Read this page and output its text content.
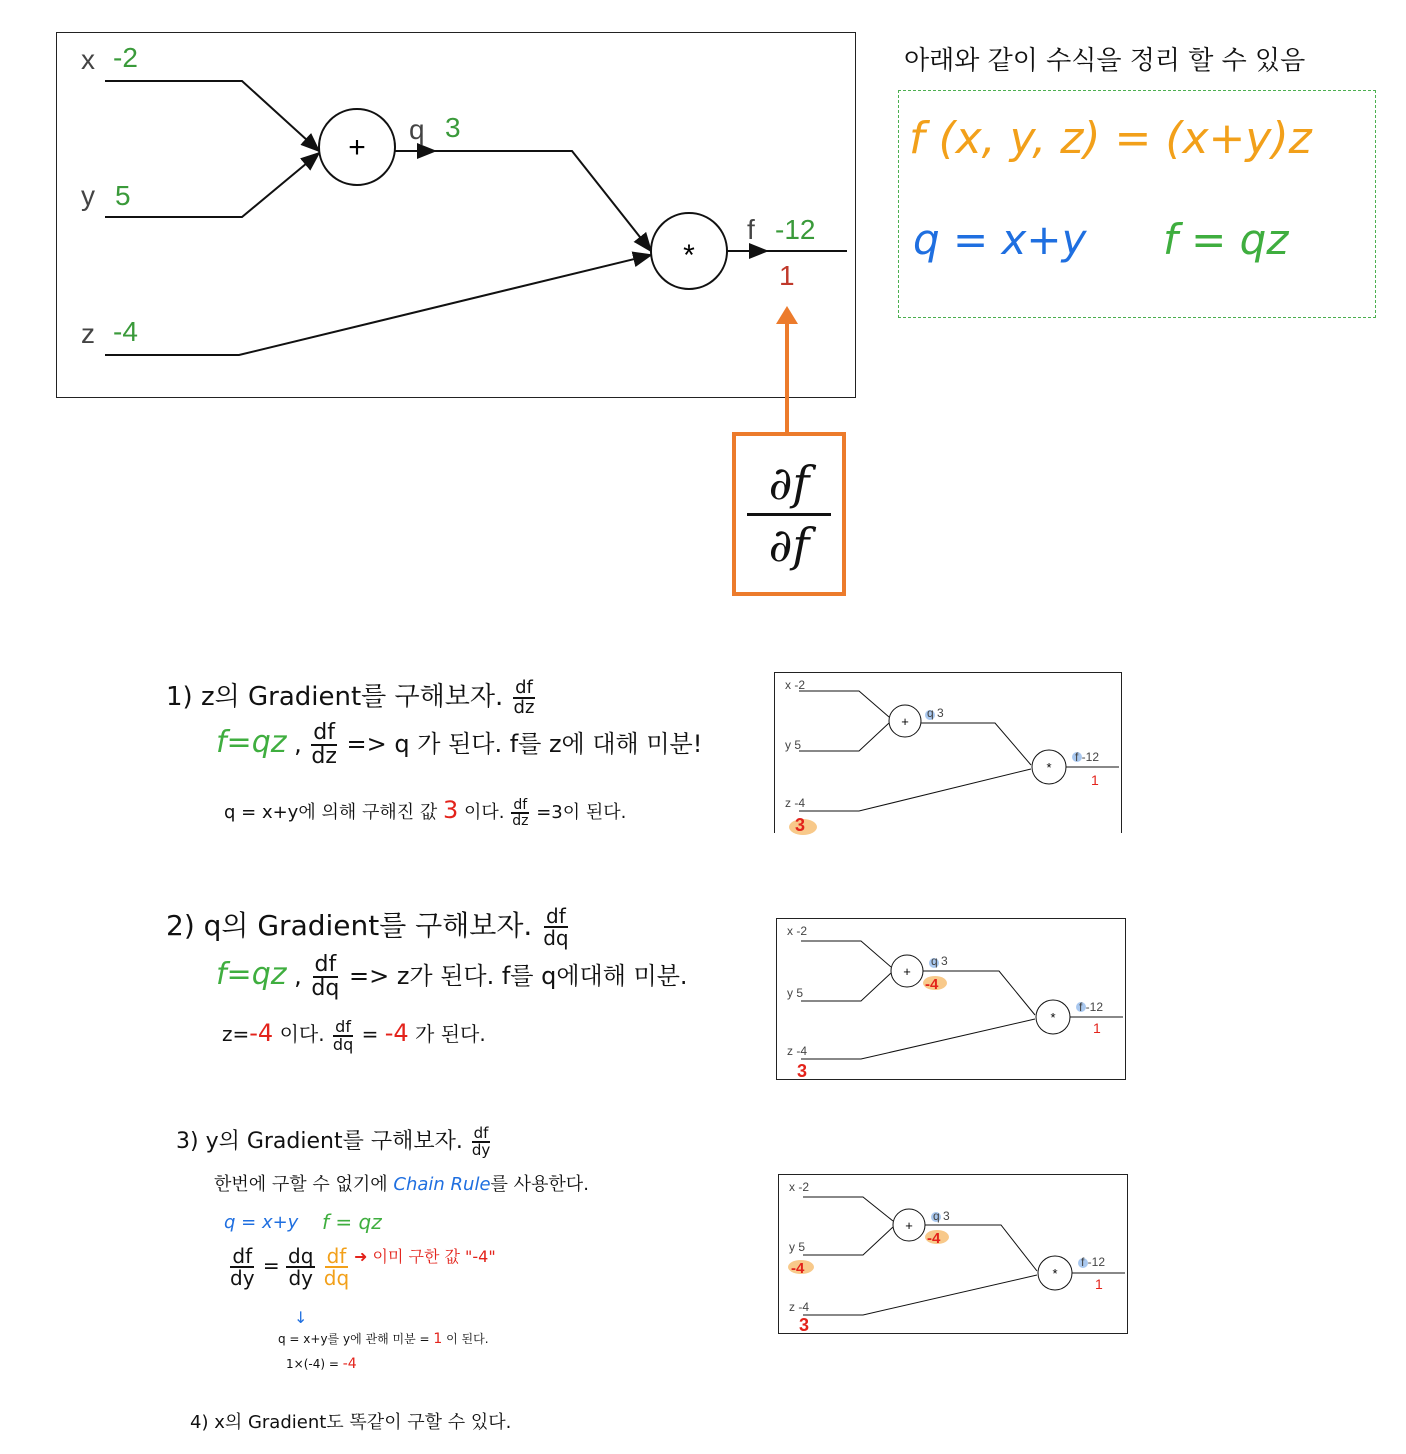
+
*
x -2
y 5
z -4
q 3
f -12
1
∂f
∂f
아래와 같이 수식을 정리 할 수 있음
f (x, y, z) = (x+y)z
q = x+y f = qz
1) z의 Gradient를 구해보자. $\frac{df}{dz}$
f=qz , $\frac{df}{dz} => q$ 가 된다. f를 z에 대해 미분!
q = x+y에 의해 구해진 값 3 이다. $\frac{df}{dz} =3$이 된다.
2) q의 Gradient를 구해보자. $\frac{df}{dq}$
f=qz , $\frac{df}{dq} => z$가 된다. f를 q에대해 미분.
z=-4 이다. $\frac{df}{dq} = -4$ 가 된다.
3) y의 Gradient를 구해보자. $\frac{df}{dy}$
한번에 구할 수 없기에 Chain Rule를 사용한다.
q = x+y f = qz
$\frac{df}{dy} = \frac{dq}{dy}$
$\frac{df}{dq}$ ➜ 이미 구한 값 "-4"
↓
q = x+y를 y에 관해 미분 = 1 이 된다.
1×(-4) = -4
4) x의 Gradient도 똑같이 구할 수 있다.
+
*
x -2
y 5
z -4
q 3
f -12
1
3
+
*
x -2
y 5
z -4
q 3
-4
f -12
1
3
+
*
x -2
y 5
-4
z -4
q 3
-4
f -12
1
3
